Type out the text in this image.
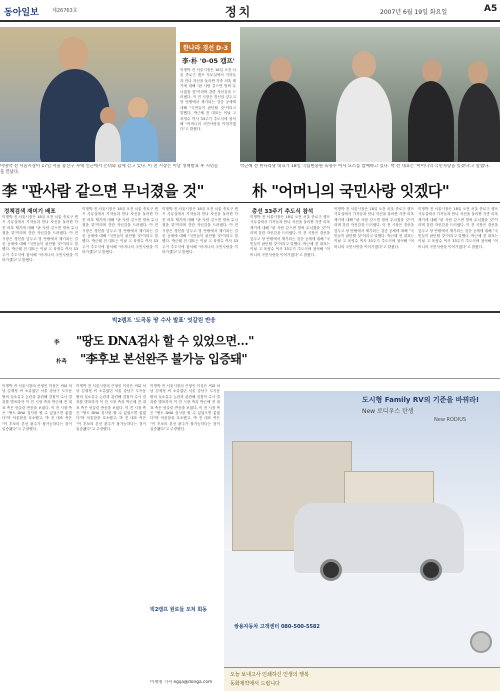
동아일보	제26763호	정치	2007년 6월 19일 화요일	A5
한나라 경선 D-3
李·朴 '0-05 캠프'
이명박 전 서울시장은 18일 오전 서울 종로구 캠프 사무실에서 기자들과 만나 자신을 둘러싼 각종 의혹 제기에 대해 "판 사람 같으면 벌써 무너졌을 것"이라며 강한 자신감을 드러냈다. 이 전 시장은 경선을 앞두고 당 안팎에서 제기되는 검증 공세에 대해 "국민들이 판단할 것"이라고 말했다. 박근혜 전 대표는 이날 고 육영수 여사 33주기 추도식에 참석해 "어머니의 국민사랑을 이어가겠다"고 밝혔다.
이명박 전 서울시장이 17일 서울 용산구 자택 인근에서 손녀와 함께 걷고 있다. 이 전 시장은 이날 정책발표 후 시민들을 만났다.
박근혜 전 한나라당 대표가 18일 국립현충원 육영수 여사 묘소를 참배하고 있다. 박 전 대표는 '어머니의 국민사랑을 잇겠다'고 말했다.
李 "판사람 같으면 무너졌을 것"	朴 "어머니의 국민사랑 잇겠다"
정책검색 재미기 배포
이명박 전 서울시장은 18일 오전 서울 종로구 캠프 사무실에서 기자들과 만나 자신을 둘러싼 각종 의혹 제기에 대해 "판 사람 같으면 벌써 무너졌을 것"이라며 강한 자신감을 드러냈다. 이 전 시장은 경선을 앞두고 당 안팎에서 제기되는 검증 공세에 대해 "국민들이 판단할 것"이라고 말했다. 박근혜 전 대표는 이날 고 육영수 여사 33주기 추도식에 참석해 "어머니의 국민사랑을 이어가겠다"고 밝혔다.
이명박 전 서울시장은 18일 오전 서울 종로구 캠프 사무실에서 기자들과 만나 자신을 둘러싼 각종 의혹 제기에 대해 "판 사람 같으면 벌써 무너졌을 것"이라며 강한 자신감을 드러냈다. 이 전 시장은 경선을 앞두고 당 안팎에서 제기되는 검증 공세에 대해 "국민들이 판단할 것"이라고 말했다. 박근혜 전 대표는 이날 고 육영수 여사 33주기 추도식에 참석해 "어머니의 국민사랑을 이어가겠다"고 밝혔다.
이명박 전 서울시장은 18일 오전 서울 종로구 캠프 사무실에서 기자들과 만나 자신을 둘러싼 각종 의혹 제기에 대해 "판 사람 같으면 벌써 무너졌을 것"이라며 강한 자신감을 드러냈다. 이 전 시장은 경선을 앞두고 당 안팎에서 제기되는 검증 공세에 대해 "국민들이 판단할 것"이라고 말했다. 박근혜 전 대표는 이날 고 육영수 여사 33주기 추도식에 참석해 "어머니의 국민사랑을 이어가겠다"고 밝혔다.
총선 33주기 추도식 참석
이명박 전 서울시장은 18일 오전 서울 종로구 캠프 사무실에서 기자들과 만나 자신을 둘러싼 각종 의혹 제기에 대해 "판 사람 같으면 벌써 무너졌을 것"이라며 강한 자신감을 드러냈다. 이 전 시장은 경선을 앞두고 당 안팎에서 제기되는 검증 공세에 대해 "국민들이 판단할 것"이라고 말했다. 박근혜 전 대표는 이날 고 육영수 여사 33주기 추도식에 참석해 "어머니의 국민사랑을 이어가겠다"고 밝혔다.
이명박 전 서울시장은 18일 오전 서울 종로구 캠프 사무실에서 기자들과 만나 자신을 둘러싼 각종 의혹 제기에 대해 "판 사람 같으면 벌써 무너졌을 것"이라며 강한 자신감을 드러냈다. 이 전 시장은 경선을 앞두고 당 안팎에서 제기되는 검증 공세에 대해 "국민들이 판단할 것"이라고 말했다. 박근혜 전 대표는 이날 고 육영수 여사 33주기 추도식에 참석해 "어머니의 국민사랑을 이어가겠다"고 밝혔다.
이명박 전 서울시장은 18일 오전 서울 종로구 캠프 사무실에서 기자들과 만나 자신을 둘러싼 각종 의혹 제기에 대해 "판 사람 같으면 벌써 무너졌을 것"이라며 강한 자신감을 드러냈다. 이 전 시장은 경선을 앞두고 당 안팎에서 제기되는 검증 공세에 대해 "국민들이 판단할 것"이라고 말했다. 박근혜 전 대표는 이날 고 육영수 여사 33주기 추도식에 참석해 "어머니의 국민사랑을 이어가겠다"고 밝혔다.
빅2캠프 '도곡동 땅 수사 발표' 엇갈린 반응
李 "땅도 DNA검사 할 수 있었으면…"
朴측 "李후보 본선완주 불가능 입증돼"
이명박 전 서울시장의 큰형인 이상은 씨와 처남 김재정 씨 소유였던 서울 강남구 도곡동 땅의 실소유주 논란과 관련해 검찰이 수사 결과를 발표하자 이 전 시장 측과 박근혜 전 대표 측은 엇갈린 반응을 보였다. 이 전 시장 측은 "땅도 DNA 검사를 할 수 있었으면 좋겠다"며 억울함을 호소했고, 박 전 대표 측은 "이 후보의 본선 완주가 불가능하다는 점이 입증됐다"고 주장했다.
이명박 전 서울시장의 큰형인 이상은 씨와 처남 김재정 씨 소유였던 서울 강남구 도곡동 땅의 실소유주 논란과 관련해 검찰이 수사 결과를 발표하자 이 전 시장 측과 박근혜 전 대표 측은 엇갈린 반응을 보였다. 이 전 시장 측은 "땅도 DNA 검사를 할 수 있었으면 좋겠다"며 억울함을 호소했고, 박 전 대표 측은 "이 후보의 본선 완주가 불가능하다는 점이 입증됐다"고 주장했다.
이명박 전 서울시장의 큰형인 이상은 씨와 처남 김재정 씨 소유였던 서울 강남구 도곡동 땅의 실소유주 논란과 관련해 검찰이 수사 결과를 발표하자 이 전 시장 측과 박근혜 전 대표 측은 엇갈린 반응을 보였다. 이 전 시장 측은 "땅도 DNA 검사를 할 수 있었으면 좋겠다"며 억울함을 호소했고, 박 전 대표 측은 "이 후보의 본선 완주가 불가능하다는 점이 입증됐다"고 주장했다.
도시형 Family RV의 기준을 바꿔라!
New 로디우스 탄생
New RODIUS
쌍용자동차 고객센터 080-500-5582
빅2캠프 원로들 모처 회동
이재명 기자 egija@donga.com
오늘 보내고사 인쇄하신 인생의 행복
동화제약에서 드립니다
